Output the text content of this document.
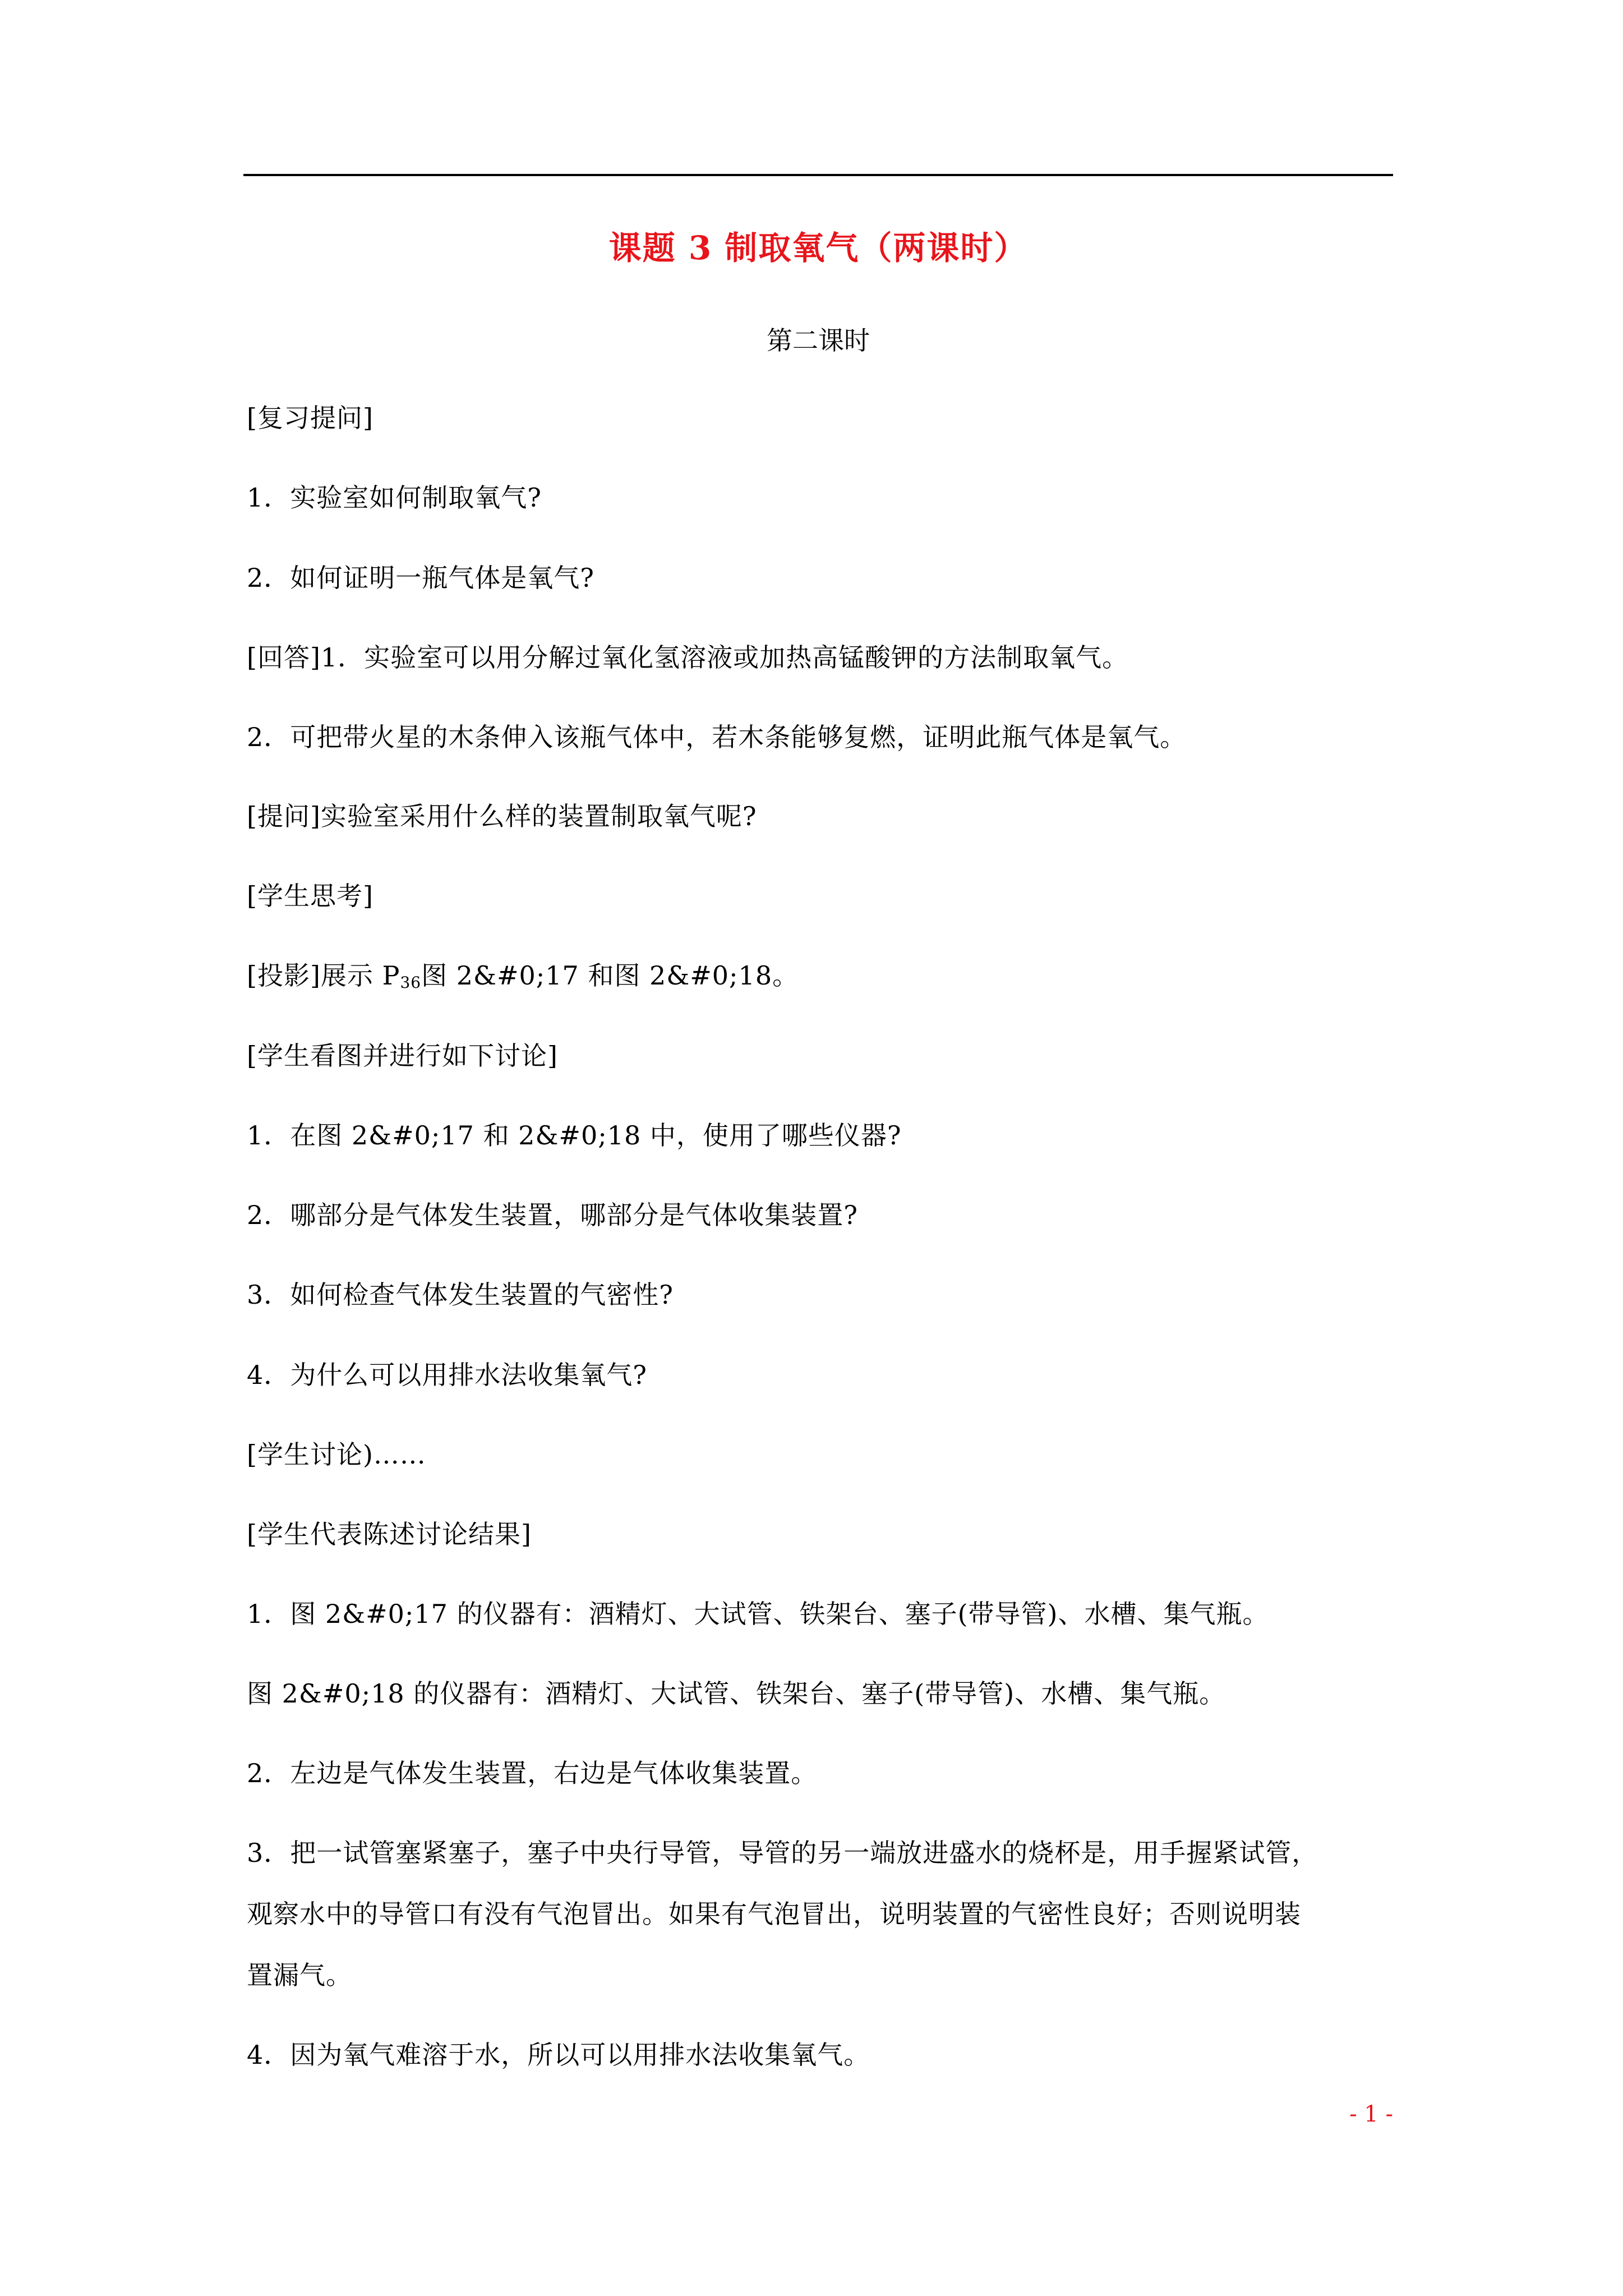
课题 3 制取氧气（两课时）
第二课时
[复习提问]
1．实验室如何制取氧气?
2．如何证明一瓶气体是氧气?
[回答]1．实验室可以用分解过氧化氢溶液或加热高锰酸钾的方法制取氧气。
2．可把带火星的木条伸入该瓶气体中，若木条能够复燃，证明此瓶气体是氧气。
[提问]实验室采用什么样的装置制取氧气呢?
[学生思考]
[投影]展示 $P_{36}$图 2&#0;17 和图 2&#0;18。
[学生看图并进行如下讨论]
1．在图 2&#0;17 和 2&#0;18 中，使用了哪些仪器?
2．哪部分是气体发生装置，哪部分是气体收集装置?
3．如何检查气体发生装置的气密性?
4．为什么可以用排水法收集氧气?
[学生讨论)……
[学生代表陈述讨论结果]
1．图 2&#0;17 的仪器有：酒精灯、大试管、铁架台、塞子(带导管)、水槽、集气瓶。
图 2&#0;18 的仪器有：酒精灯、大试管、铁架台、塞子(带导管)、水槽、集气瓶。
2．左边是气体发生装置，右边是气体收集装置。
3．把一试管塞紧塞子，塞子中央行导管，导管的另一端放进盛水的烧杯是，用手握紧试管，
观察水中的导管口有没有气泡冒出。如果有气泡冒出，说明装置的气密性良好；否则说明装
置漏气。
4．因为氧气难溶于水，所以可以用排水法收集氧气。
- 1 -
